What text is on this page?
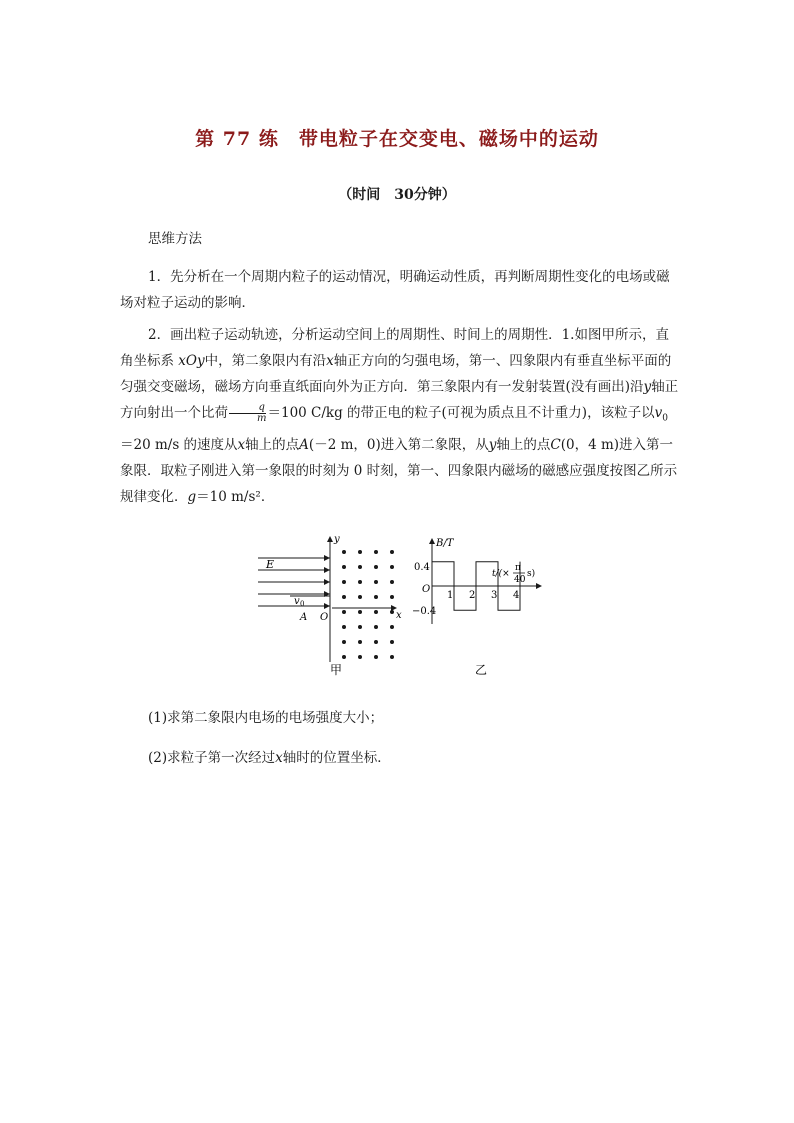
第 77 练　带电粒子在交变电、磁场中的运动
（时间　30分钟）
思维方法
1．先分析在一个周期内粒子的运动情况，明确运动性质，再判断周期性变化的电场或磁场对粒子运动的影响．
2．画出粒子运动轨迹，分析运动空间上的周期性、时间上的周期性．1.如图甲所示，直角坐标系 xOy中，第二象限内有沿x轴正方向的匀强电场，第一、四象限内有垂直坐标平面的匀强交变磁场，磁场方向垂直纸面向外为正方向．第三象限内有一发射装置(没有画出)沿y轴正方向射出一个比荷 $\frac{q}{m} =100$ C/kg 的带正电的粒子(可视为质点且不计重力)，该粒子以$v_0=20$ m/s 的速度从x轴上的点A(－2 m，0)进入第二象限，从y轴上的点C(0，4 m)进入第一象限．取粒子刚进入第一象限的时刻为 0 时刻，第一、四象限内磁场的磁感应强度按图乙所示规律变化．g＝10 m/s²．
E
v 0
A O	x
y
甲
B/T
0.4
−0.4
O
t/(×
π
40
s)
1 2 3 4
乙
(1)求第二象限内电场的电场强度大小；
(2)求粒子第一次经过x轴时的位置坐标．
